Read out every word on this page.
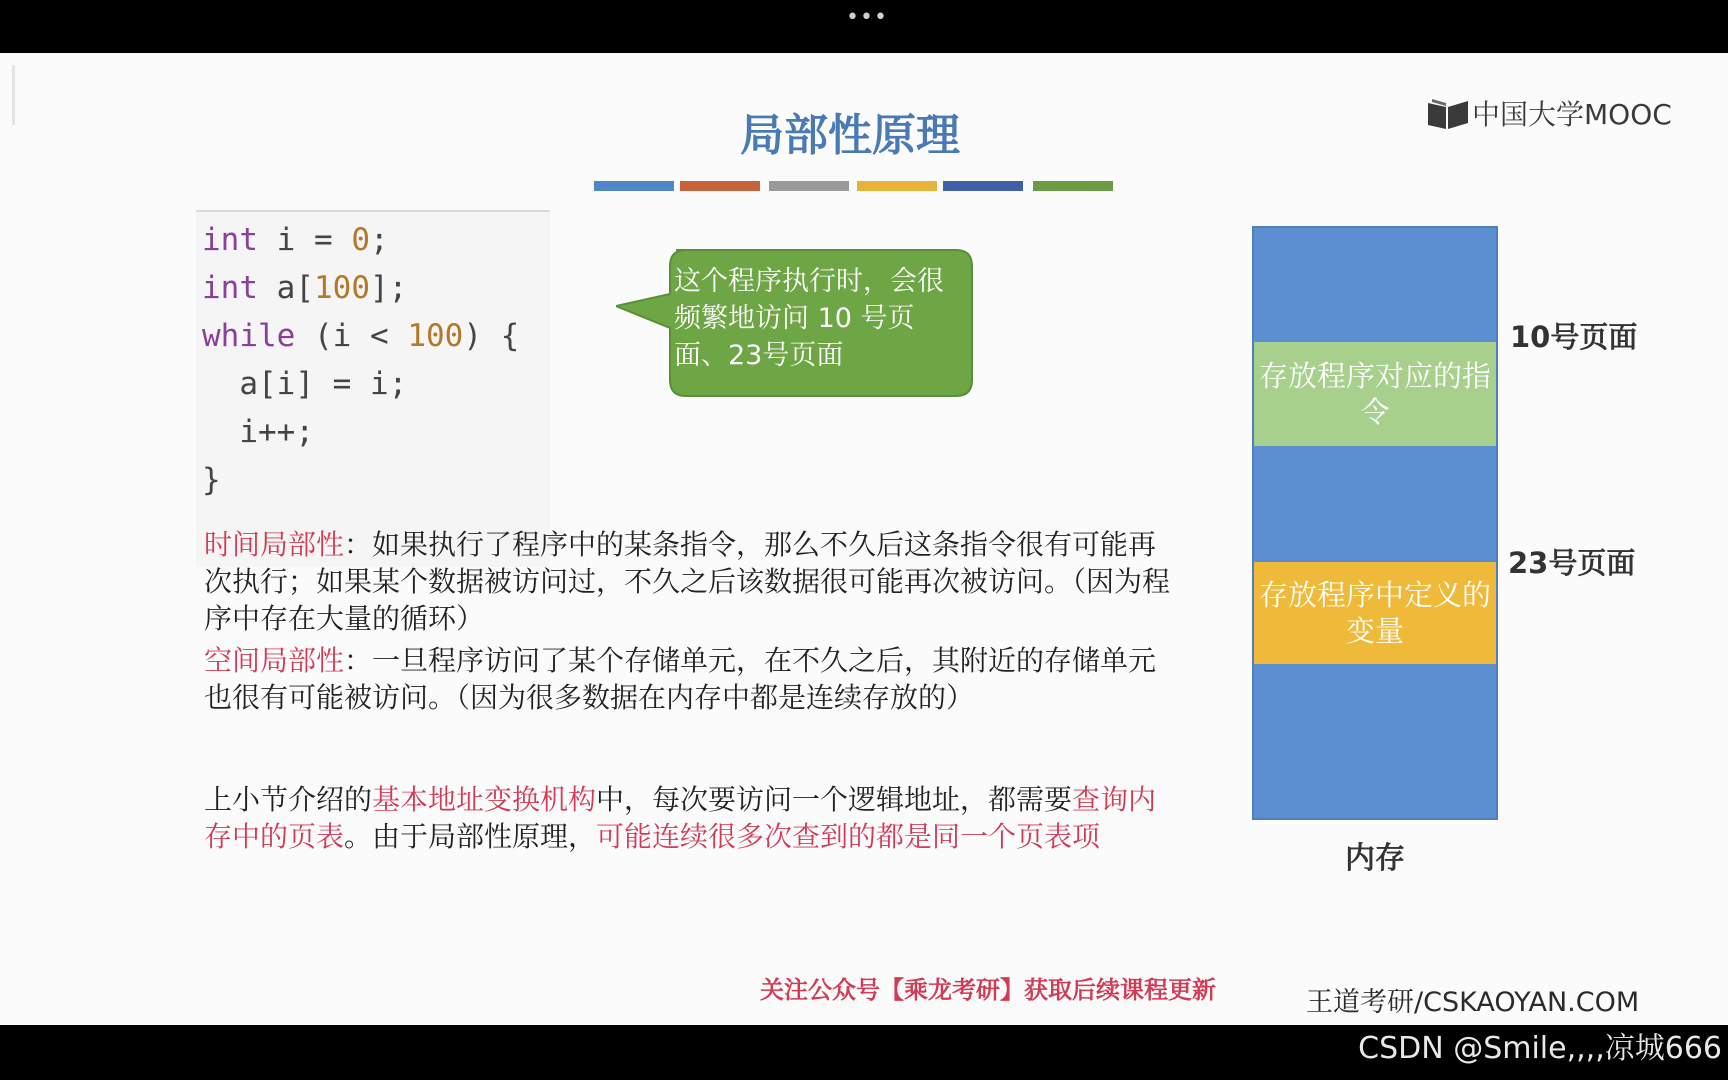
•••
中国大学MOOC
局部性原理
int i = 0;
int a[100];
while (i < 100) {
a[i] = i;
i++;
}
这个程序执行时，会很频繁地访问 10 号页面、23号页面
时间局部性：如果执行了程序中的某条指令，那么不久后这条指令很有可能再次执行；如果某个数据被访问过，不久之后该数据很可能再次被访问。（因为程序中存在大量的循环）
空间局部性：一旦程序访问了某个存储单元，在不久之后，其附近的存储单元也很有可能被访问。（因为很多数据在内存中都是连续存放的）
上小节介绍的基本地址变换机构中，每次要访问一个逻辑地址，都需要查询内存中的页表。由于局部性原理，可能连续很多次查到的都是同一个页表项
存放程序对应的指令
存放程序中定义的变量
10号页面
23号页面
内存
关注公众号【乘龙考研】获取后续课程更新	王道考研/CSKAOYAN.COM
CSDN @Smile,,,,凉城666
